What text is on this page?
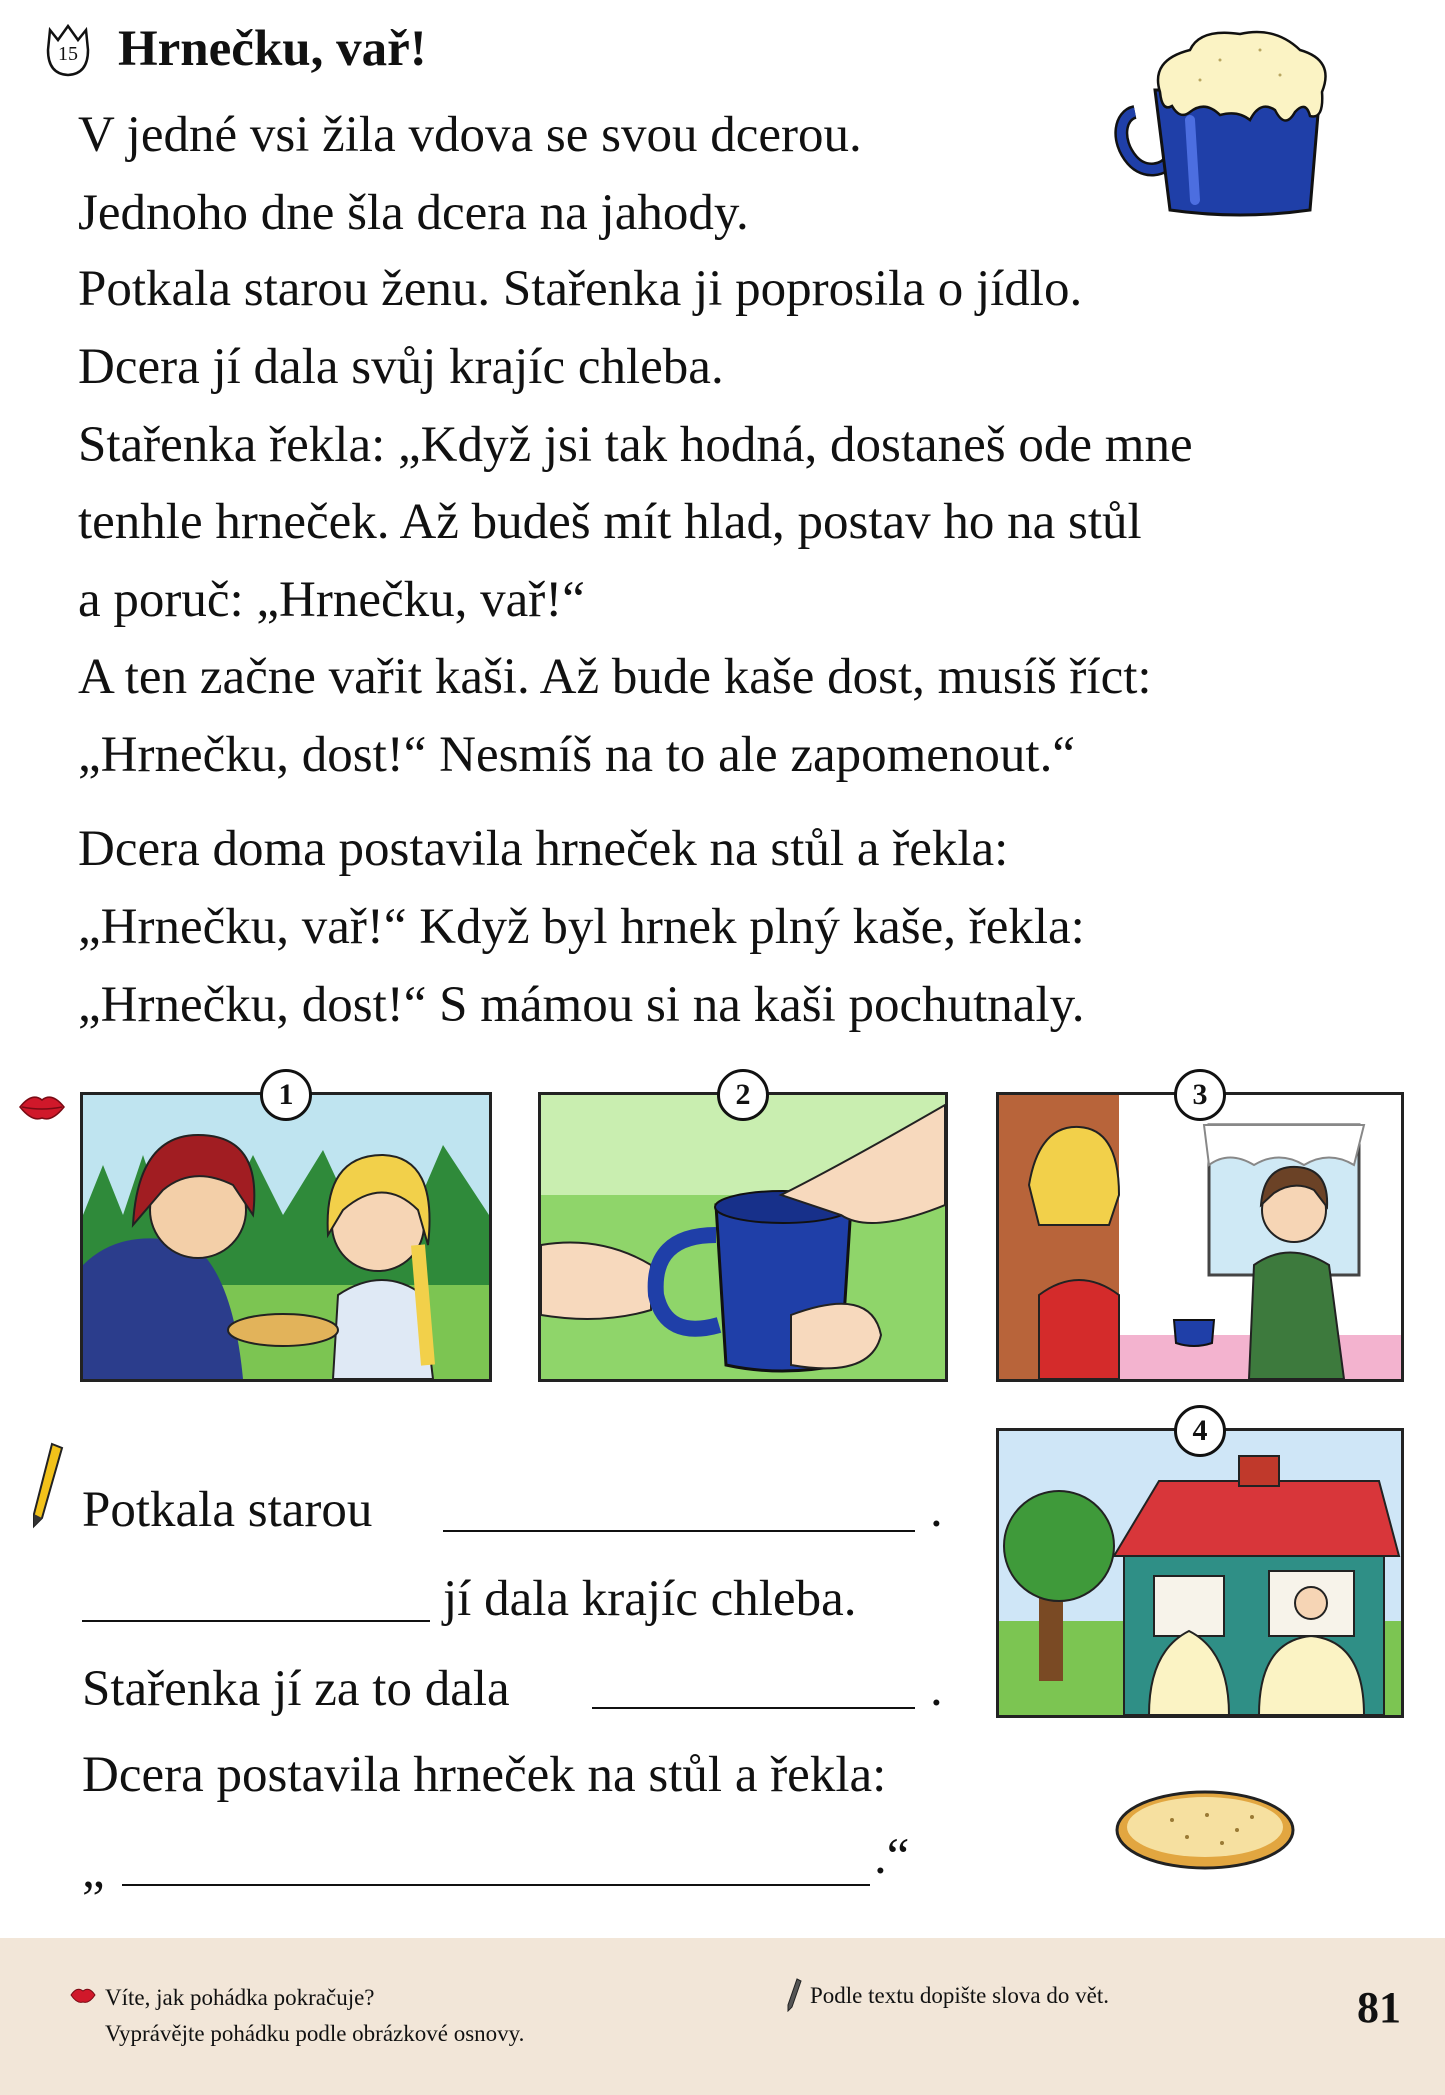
15 Hrnečku, vař!
V jedné vsi žila vdova se svou dcerou.
Jednoho dne šla dcera na jahody.
Potkala starou ženu. Stařenka ji poprosila o jídlo.
Dcera jí dala svůj krajíc chleba.
Stařenka řekla: „Když jsi tak hodná, dostaneš ode mne
tenhle hrneček. Až budeš mít hlad, postav ho na stůl
a poruč: „Hrnečku, vař!“
A ten začne vařit kaši. Až bude kaše dost, musíš říct:
„Hrnečku, dost!“ Nesmíš na to ale zapomenout.“
Dcera doma postavila hrneček na stůl a řekla:
„Hrnečku, vař!“ Když byl hrnek plný kaše, řekla:
„Hrnečku, dost!“ S mámou si na kaši pochutnaly.
1	2	3
4
Potkala starou	.
jí dala krajíc chleba.
Stařenka jí za to dala	.
Dcera postavila hrneček na stůl a řekla:
„	.“
Víte, jak pohádka pokračuje?
Vyprávějte pohádku podle obrázkové osnovy.
Podle textu dopište slova do vět.	81
